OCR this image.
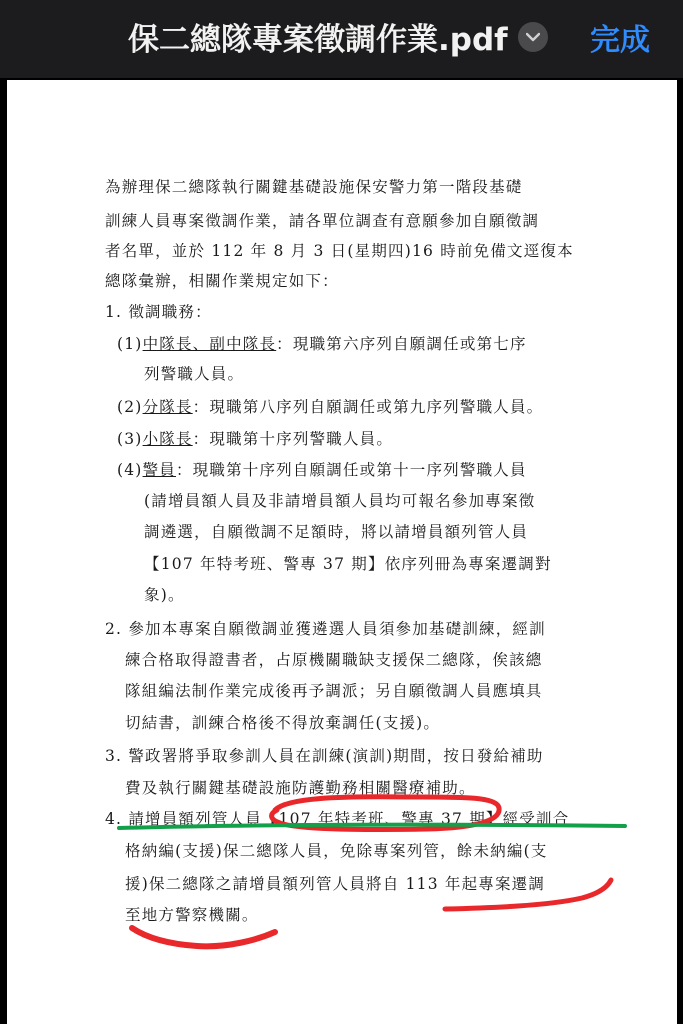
保二總隊專案徵調作業.pdf	完成
為辦理保二總隊執行關鍵基礎設施保安警力第一階段基礎
訓練人員專案徵調作業，請各單位調查有意願參加自願徵調
者名單，並於 112 年 8 月 3 日(星期四)16 時前免備文逕復本
總隊彙辦，相關作業規定如下：
1. 徵調職務：
(1)中隊長、副中隊長：現職第六序列自願調任或第七序
列警職人員。
(2)分隊長：現職第八序列自願調任或第九序列警職人員。
(3)小隊長：現職第十序列警職人員。
(4)警員：現職第十序列自願調任或第十一序列警職人員
(請增員額人員及非請增員額人員均可報名參加專案徵
調遴選，自願徵調不足額時，將以請增員額列管人員
【107 年特考班、警專 37 期】依序列冊為專案遷調對
象)。
2. 參加本專案自願徵調並獲遴選人員須參加基礎訓練，經訓
練合格取得證書者，占原機關職缺支援保二總隊，俟該總
隊組編法制作業完成後再予調派；另自願徵調人員應填具
切結書，訓練合格後不得放棄調任(支援)。
3. 警政署將爭取參訓人員在訓練(演訓)期間，按日發給補助
費及執行關鍵基礎設施防護勤務相關醫療補助。
4. 請增員額列管人員【107 年特考班、警專 37 期】經受訓合
格納編(支援)保二總隊人員，免除專案列管，餘未納編(支
援)保二總隊之請增員額列管人員將自 113 年起專案遷調
至地方警察機關。
